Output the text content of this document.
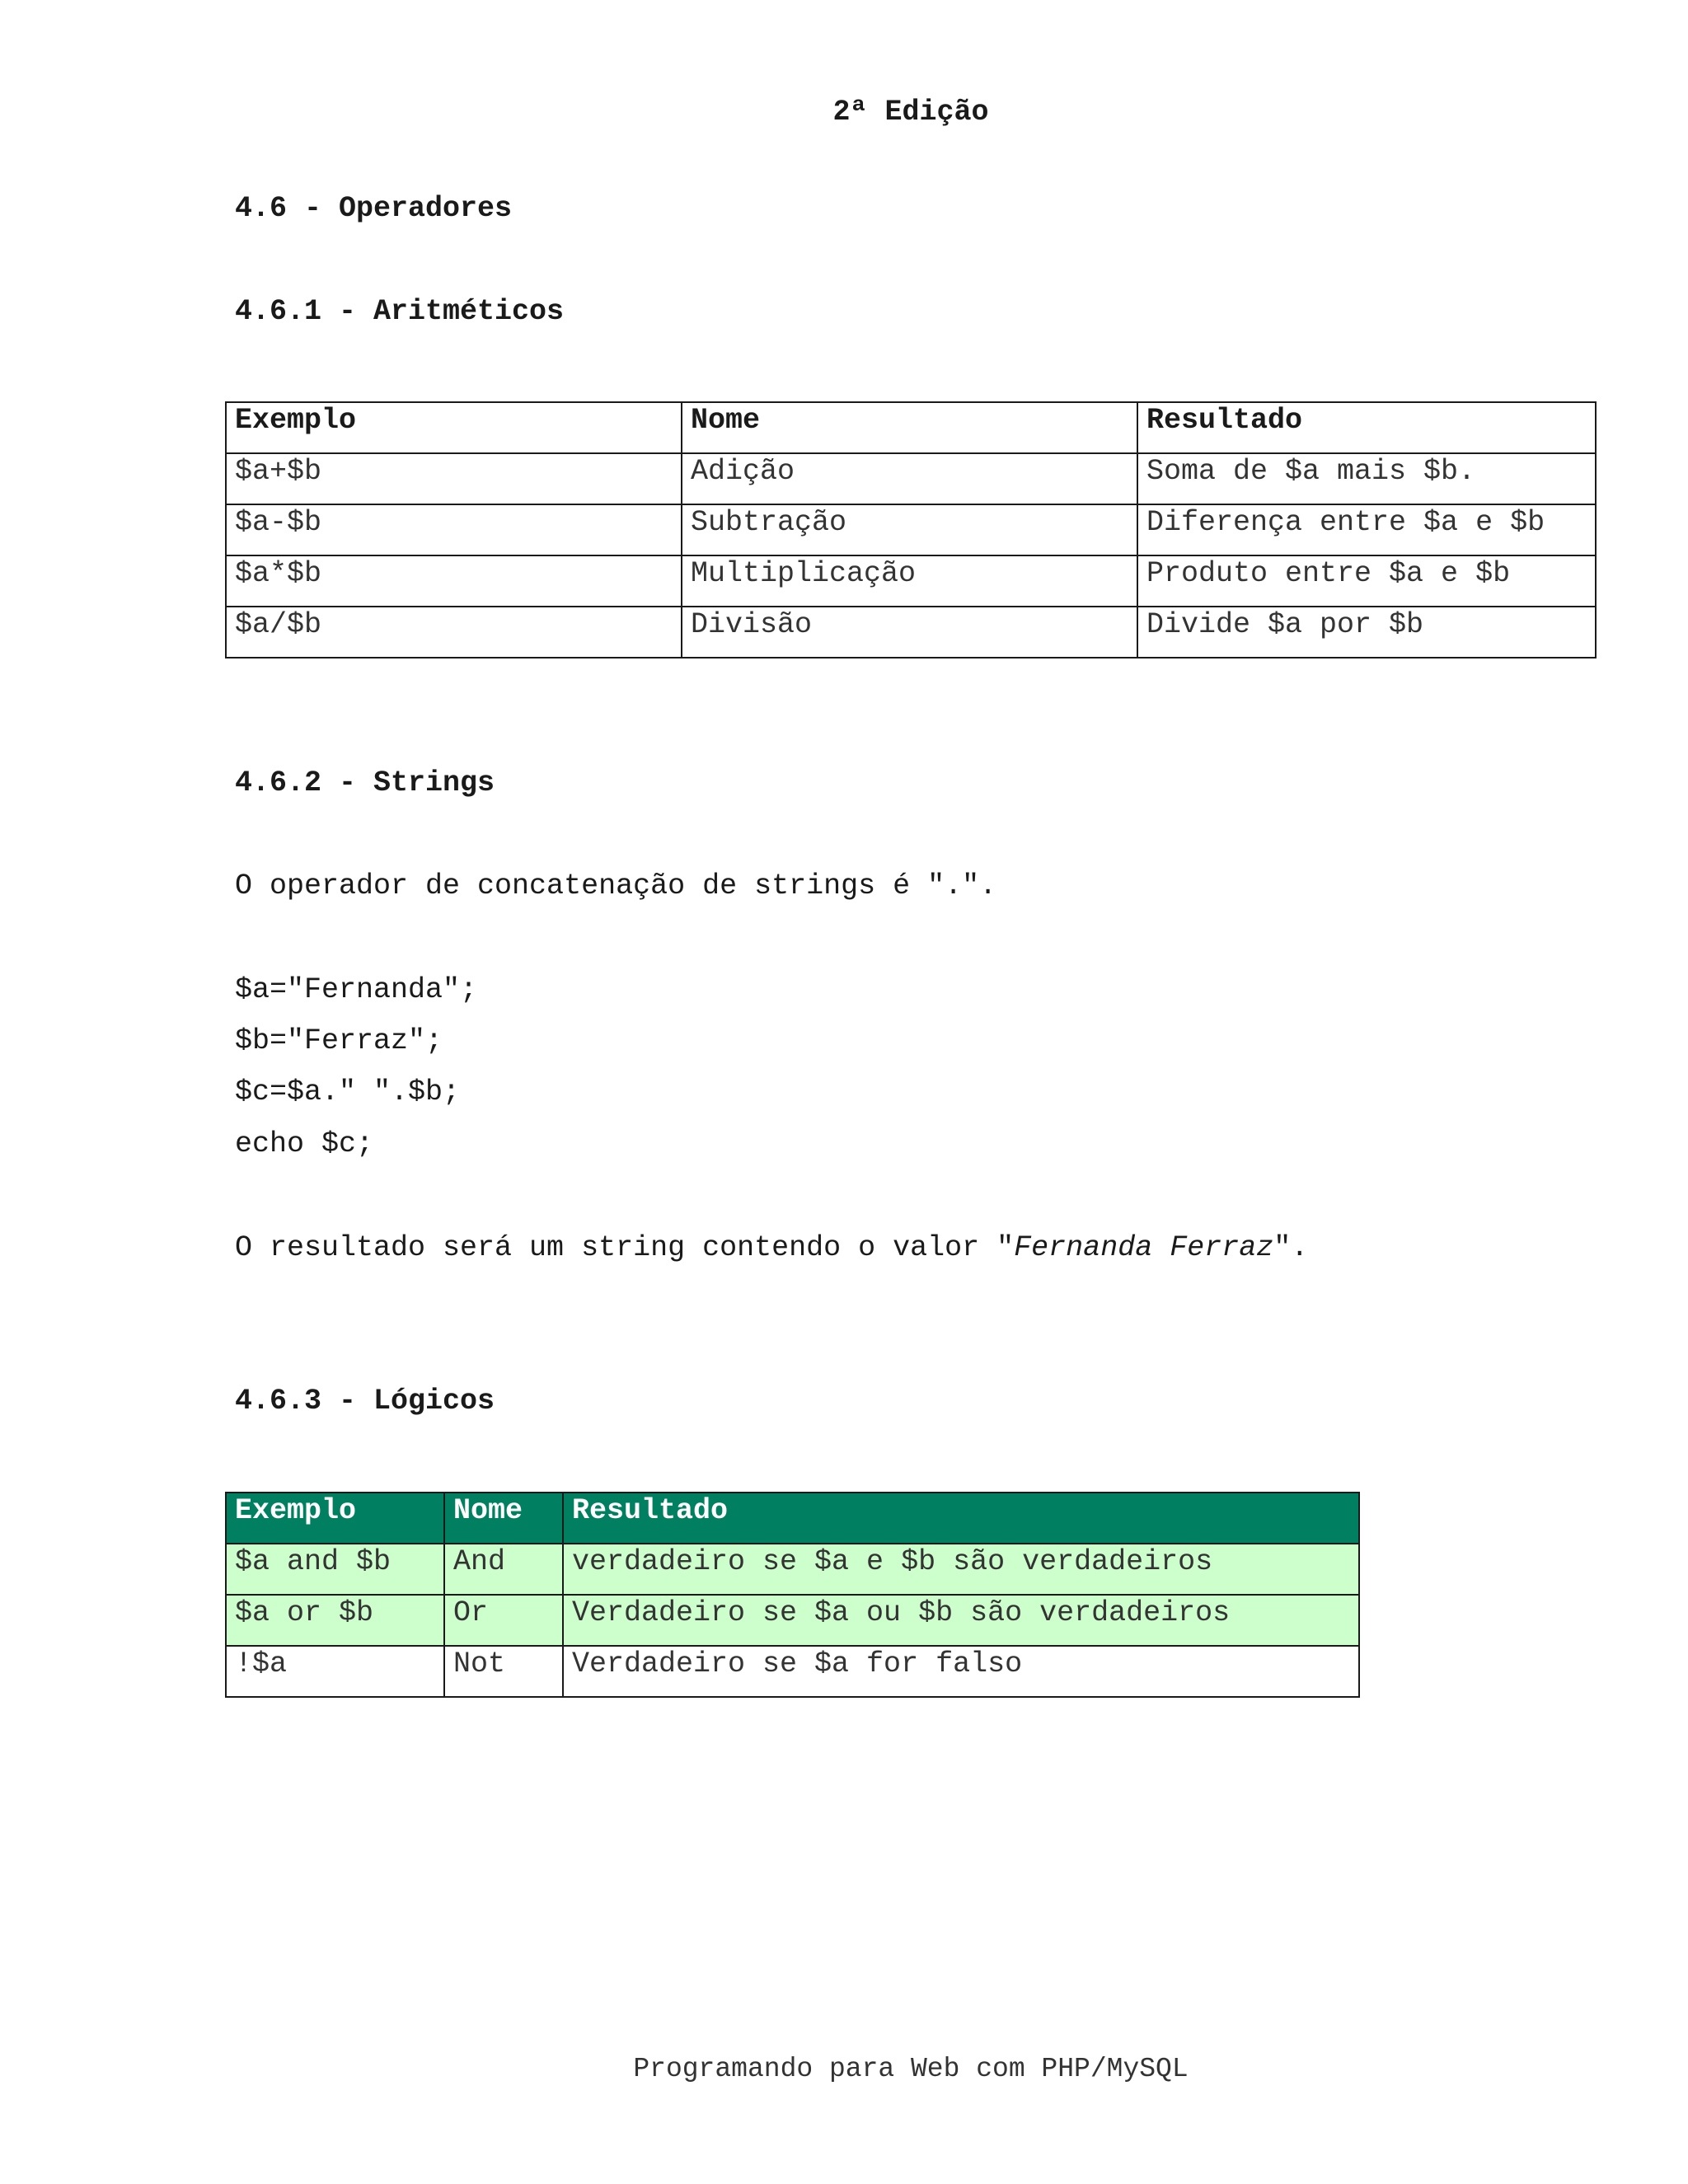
2ª Edição
4.6 - Operadores
4.6.1 - Aritméticos
Exemplo	Nome	Resultado
$a+$b	Adição	Soma de $a mais $b.
$a-$b	Subtração	Diferença entre $a e $b
$a*$b	Multiplicação	Produto entre $a e $b
$a/$b	Divisão	Divide $a por $b
4.6.2 - Strings

O operador de concatenação de strings é ".".

$a="Fernanda";

$b="Ferraz";

$c=$a." ".$b;

echo $c;

O resultado será um string contendo o valor "Fernanda Ferraz".

4.6.3 - Lógicos
Exemplo	Nome	Resultado
$a and $b	And	verdadeiro se $a e $b são verdadeiros
$a or $b	Or	Verdadeiro se $a ou $b são verdadeiros
!$a	Not	Verdadeiro se $a for falso
Programando para Web com PHP/MySQL
